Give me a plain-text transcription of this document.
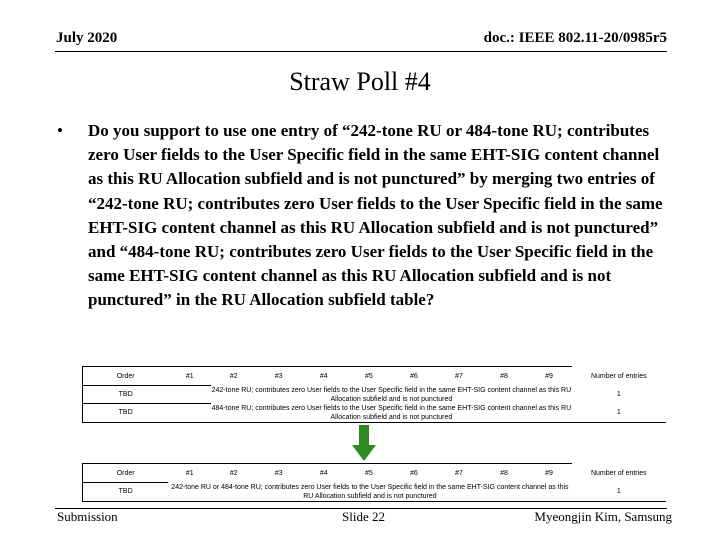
July 2020	doc.: IEEE 802.11-20/0985r5
Straw Poll #4
• Do you support to use one entry of “242-tone RU or 484-tone RU; contributes zero User fields to the User Specific field in the same EHT-SIG content channel as this RU Allocation subfield and is not punctured” by merging two entries of “242-tone RU; contributes zero User fields to the User Specific field in the same EHT-SIG content channel as this RU Allocation subfield and is not punctured” and “484-tone RU; contributes zero User fields to the User Specific field in the same EHT-SIG content channel as this RU Allocation subfield and is not punctured” in the RU Allocation subfield table?
Order	#1	#2	#3	#4	#5	#6	#7	#8	#9	Number of entries
TBD		242-tone RU; contributes zero User fields to the User Specific field in the same EHT-SIG content channel as this RU Allocation subfield and is not punctured								1
TBD		484-tone RU; contributes zero User fields to the User Specific field in the same EHT-SIG content channel as this RU Allocation subfield and is not punctured								1
Order	#1	#2	#3	#4	#5	#6	#7	#8	#9	Number of entries
TBD	242-tone RU or 484-tone RU; contributes zero User fields to the User Specific field in the same EHT-SIG content channel as this RU Allocation subfield and is not punctured									1
Submission	Slide 22	Myeongjin Kim, Samsung
